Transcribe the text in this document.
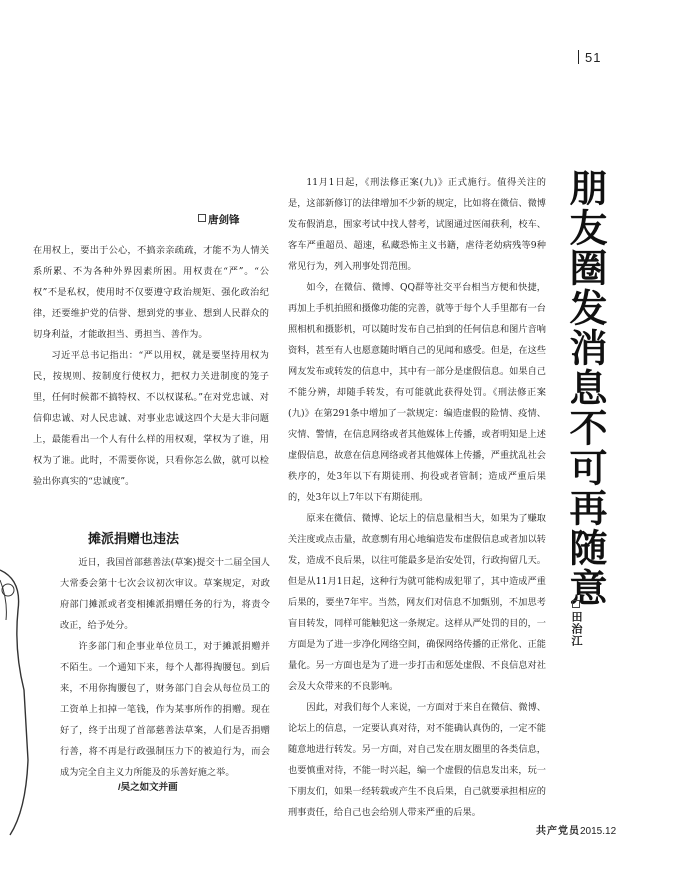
51
唐剑锋

在用权上，要出于公心，不搞亲亲疏疏，才能不为人情关系所累、不为各种外界因素所困。用权责在“严”。“公权”不是私权，使用时不仅要遵守政治规矩、强化政治纪律，还要维护党的信誉、想到党的事业、想到人民群众的切身利益，才能敢担当、勇担当、善作为。

习近平总书记指出：“严以用权，就是要坚持用权为民，按规则、按制度行使权力，把权力关进制度的笼子里，任何时候都不搞特权、不以权谋私。”在对党忠诚、对信仰忠诚、对人民忠诚、对事业忠诚这四个大是大非问题上，最能看出一个人有什么样的用权观，掌权为了谁，用权为了谁。此时，不需要你说，只看你怎么做，就可以检验出你真实的“忠诚度”。

摊派捐赠也违法

近日，我国首部慈善法(草案)提交十二届全国人大常委会第十七次会议初次审议。草案规定，对政府部门摊派或者变相摊派捐赠任务的行为，将责令改正，给予处分。

许多部门和企事业单位员工，对于摊派捐赠并不陌生。一个通知下来，每个人都得掏腰包。到后来，不用你掏腰包了，财务部门自会从每位员工的工资单上扣掉一笔钱，作为某事所作的捐赠。现在好了，终于出现了首部慈善法草案，人们是否捐赠行善，将不再是行政强制压力下的被迫行为，而会成为完全自主义力所能及的乐善好施之举。

/吴之如文并画

11月1日起，《刑法修正案(九)》正式施行。值得关注的是，这部新修订的法律增加不少新的规定，比如将在微信、微博发布假消息，围家考试中找人替考，试图通过医闹获利，校车、客车严重超员、超速，私藏恐怖主义书籍，虐待老幼病残等9种常见行为，列入刑事处罚范围。

如今，在微信、微博、QQ群等社交平台相当方便和快捷，再加上手机拍照和摄像功能的完善，就等于每个人手里都有一台照相机和摄影机，可以随时发布自己拍到的任何信息和图片音响资料，甚至有人也愿意随时晒自己的见闻和感受。但是，在这些网友发布或转发的信息中，其中有一部分是虚假信息。如果自己不能分辨，却随手转发，有可能就此获得处罚。《刑法修正案(九)》在第291条中增加了一款规定：编造虚假的险情、疫情、灾情、警情，在信息网络或者其他媒体上传播，或者明知是上述虚假信息，故意在信息网络或者其他媒体上传播，严重扰乱社会秩序的，处3年以下有期徒刑、拘役或者管制；造成严重后果的，处3年以上7年以下有期徒刑。

原来在微信、微博、论坛上的信息量相当大，如果为了赚取关注度或点击量，故意剽有用心地编造发布虚假信息或者加以转发，造成不良后果，以往可能最多是治安处罚，行政拘留几天。但是从11月1日起，这种行为就可能构成犯罪了，其中造成严重后果的，要坐7年牢。当然，网友们对信息不加甄别，不加思考盲目转发，同样可能触犯这一条规定。这样从严处罚的目的，一方面是为了进一步净化网络空间，确保网络传播的正常化、正能量化。另一方面也是为了进一步打击和惩处虚假、不良信息对社会及大众带来的不良影响。

因此，对我们每个人来说，一方面对于来自在微信、微博、论坛上的信息，一定要认真对待，对不能确认真伪的，一定不能随意地进行转发。另一方面，对自己发在朋友圈里的各类信息，也要慎重对待，不能一时兴起，编一个虚假的信息发出来，玩一下朋友们，如果一经转载或产生不良后果，自己就要承担相应的刑事责任，给自己也会给别人带来严重的后果。

朋友圈发消息不可再随意
田治江
共产党员2015.12
